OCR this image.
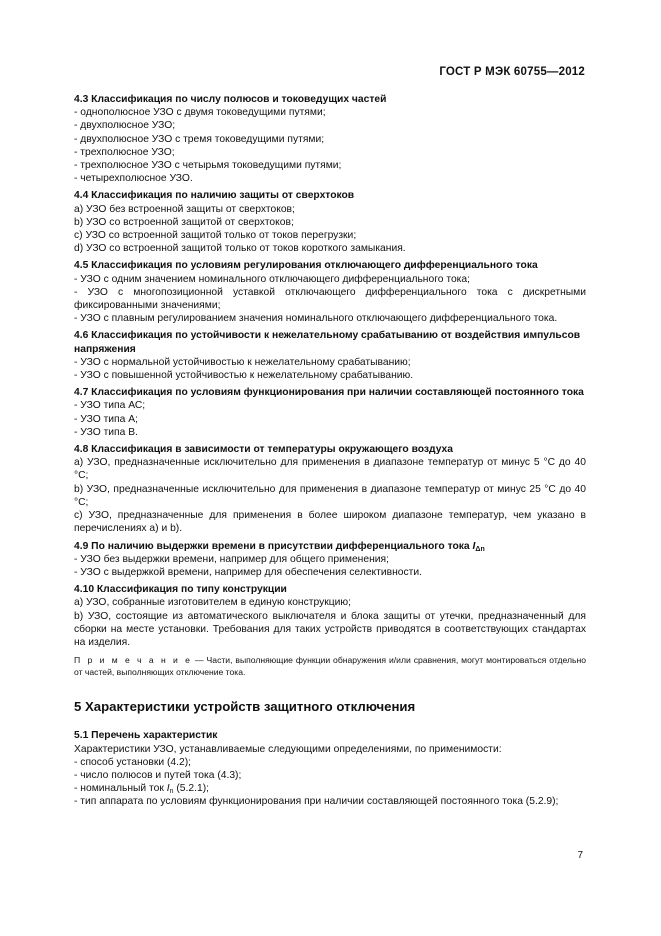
ГОСТ Р МЭК 60755—2012
4.3 Классификация по числу полюсов и токоведущих частей
- однополюсное УЗО с двумя токоведущими путями;
- двухполюсное УЗО;
- двухполюсное УЗО с тремя токоведущими путями;
- трехполюсное УЗО;
- трехполюсное УЗО с четырьмя токоведущими путями;
- четырехполюсное УЗО.
4.4 Классификация по наличию защиты от сверхтоков
а) УЗО без встроенной защиты от сверхтоков;
b) УЗО со встроенной защитой от сверхтоков;
c) УЗО со встроенной защитой только от токов перегрузки;
d) УЗО со встроенной защитой только от токов короткого замыкания.
4.5 Классификация по условиям регулирования отключающего дифференциального тока
- УЗО с одним значением номинального отключающего дифференциального тока;
- УЗО с многопозиционной уставкой отключающего дифференциального тока с дискретными фиксированными значениями;
- УЗО с плавным регулированием значения номинального отключающего дифференциального тока.
4.6 Классификация по устойчивости к нежелательному срабатыванию от воздействия импульсов напряжения
- УЗО с нормальной устойчивостью к нежелательному срабатыванию;
- УЗО с повышенной устойчивостью к нежелательному срабатыванию.
4.7 Классификация по условиям функционирования при наличии составляющей постоянного тока
- УЗО типа АС;
- УЗО типа А;
- УЗО типа В.
4.8 Классификация в зависимости от температуры окружающего воздуха
а) УЗО, предназначенные исключительно для применения в диапазоне температур от минус 5 °С до 40 °С;
b) УЗО, предназначенные исключительно для применения в диапазоне температур от минус 25 °С до 40 °С;
c) УЗО, предназначенные для применения в более широком диапазоне температур, чем указано в перечислениях а) и b).
4.9 По наличию выдержки времени в присутствии дифференциального тока $I_{\Delta n}$
- УЗО без выдержки времени, например для общего применения;
- УЗО с выдержкой времени, например для обеспечения селективности.
4.10 Классификация по типу конструкции
а) УЗО, собранные изготовителем в единую конструкцию;
b) УЗО, состоящие из автоматического выключателя и блока защиты от утечки, предназначенный для сборки на месте установки. Требования для таких устройств приводятся в соответствующих стандартах на изделия.
П р и м е ч а н и е — Части, выполняющие функции обнаружения и/или сравнения, могут монтироваться отдельно от частей, выполняющих отключение тока.
5 Характеристики устройств защитного отключения
5.1 Перечень характеристик
Характеристики УЗО, устанавливаемые следующими определениями, по применимости:
- способ установки (4.2);
- число полюсов и путей тока (4.3);
- номинальный ток $I_n$ (5.2.1);
- тип аппарата по условиям функционирования при наличии составляющей постоянного тока (5.2.9);
7
